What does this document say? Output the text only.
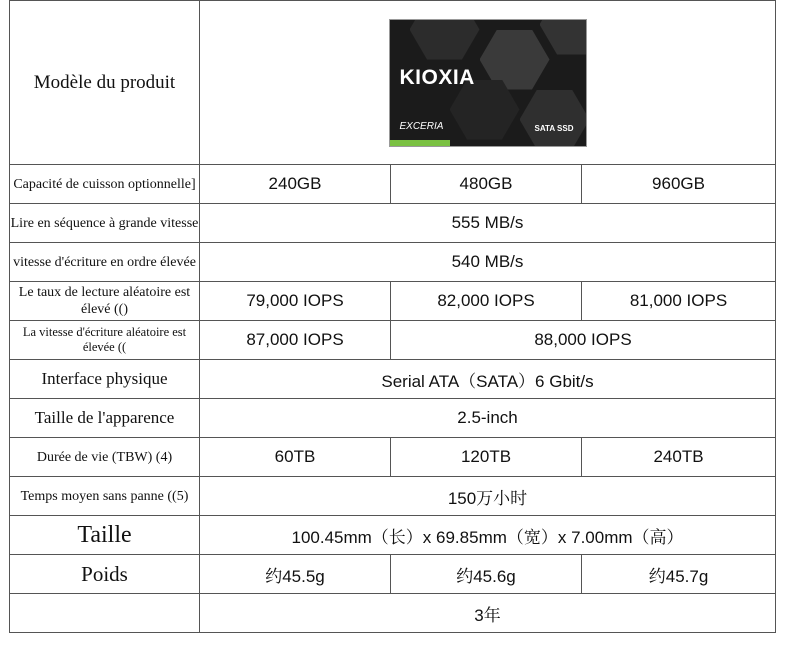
Modèle du produit	KIOXIA
EXCERIA SATA SSD		

Capacité de cuisson optionnelle]	240GB	480GB	960GB
Lire en séquence à grande vitesse	555 MB/s		
vitesse d'écriture en ordre élevée	540 MB/s		
Le taux de lecture aléatoire est élevé (()	79,000 IOPS	82,000 IOPS	81,000 IOPS
La vitesse d'écriture aléatoire est élevée ((	87,000 IOPS	88,000 IOPS	
Interface physique	Serial ATA（SATA）6 Gbit/s		
Taille de l'apparence	2.5-inch		
Durée de vie (TBW) (4)	60TB	120TB	240TB
Temps moyen sans panne ((5)	150万小时		
Taille	100.45mm（长）x 69.85mm（宽）x 7.00mm（高）		
Poids	约45.5g	约45.6g	约45.7g
	3年		
